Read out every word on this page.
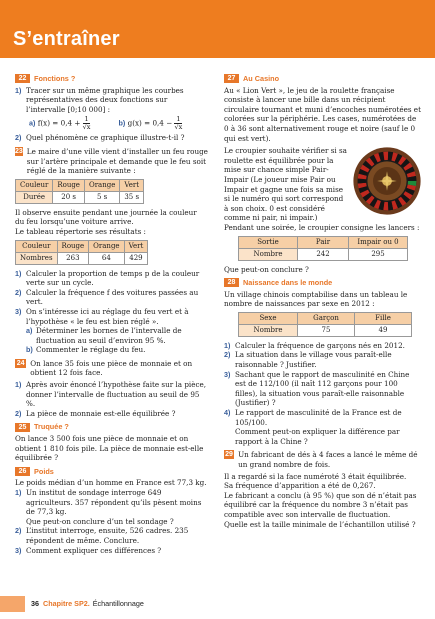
S’entraîner
22	Fonctions ?
1) Tracer sur un même graphique les courbes représentatives des deux fonctions sur l’intervalle [0;10 000] :
a) $f(x) = 0,4 + \frac{1}{√x}$	b) $g(x) = 0,4 - \frac{1}{√x}$
2) Quel phénomène ce graphique illustre-t-il ?
23 Le maire d’une ville vient d’installer un feu rouge sur l’artère principale et demande que le feu soit réglé de la manière suivante :
Couleur	Rouge	Orange	Vert
Durée	20 s	5 s	35 s
Il observe ensuite pendant une journée la couleur du feu lorsqu’une voiture arrive.
Le tableau répertorie ses résultats :
Couleur	Rouge	Orange	Vert
Nombres	263	64	429
1) Calculer la proportion de temps p de la couleur verte sur un cycle.
2) Calculer la fréquence f des voitures passées au vert.
3) On s’intéresse ici au réglage du feu vert et à l’hypothèse « le feu est bien réglé ».
a) Déterminer les bornes de l’intervalle de fluctuation au seuil d’environ 95 %.
b) Commenter le réglage du feu.
24 On lance 35 fois une pièce de monnaie et on obtient 12 fois face.
1) Après avoir énoncé l’hypothèse faite sur la pièce, donner l’intervalle de fluctuation au seuil de 95 %.
2) La pièce de monnaie est-elle équilibrée ?
25	Truquée ?
On lance 3 500 fois une pièce de monnaie et on obtient 1 810 fois pile. La pièce de monnaie est-elle équilibrée ?
26	Poids
Le poids médian d’un homme en France est 77,3 kg.
1) Un institut de sondage interroge 649 agriculteurs. 357 répondent qu’ils pèsent moins de 77,3 kg.
Que peut-on conclure d’un tel sondage ?
2) L’institut interroge, ensuite, 526 cadres. 235 répondent de même. Conclure.
3) Comment expliquer ces différences ?
27	Au Casino
Au « Lion Vert », le jeu de la roulette française consiste à lancer une bille dans un récipient circulaire tournant et muni d’encoches numérotées et colorées sur la périphérie. Les cases, numérotées de 0 à 36 sont alternativement rouge et noire (sauf le 0 qui est vert).
Le croupier souhaite vérifier si sa roulette est équilibrée pour la mise sur chance simple Pair-Impair (Le joueur mise Pair ou Impair et gagne une fois sa mise si le numéro qui sort correspond à son choix. 0 est considéré comme ni pair, ni impair.)
Pendant une soirée, le croupier consigne les lancers :
Sortie	Pair	Impair ou 0
Nombre	242	295
Que peut-on conclure ?
28	Naissance dans le monde
Un village chinois comptabilise dans un tableau le nombre de naissances par sexe en 2012 :
Sexe	Garçon	Fille
Nombre	75	49
1) Calculer la fréquence de garçons nés en 2012.
2) La situation dans le village vous paraît-elle raisonnable ? Justifier.
3) Sachant que le rapport de masculinité en Chine est de 112/100 (il naît 112 garçons pour 100 filles), la situation vous paraît-elle raisonnable (Justifier) ?
4) Le rapport de masculinité de la France est de 105/100.
Comment peut-on expliquer la différence par rapport à la Chine ?
29 Un fabricant de dés à 4 faces a lancé le même dé un grand nombre de fois.
Il a regardé si la face numéroté 3 était équilibrée.
Sa fréquence d’apparition a été de 0,267.
Le fabricant a conclu (à 95 %) que son dé n’était pas équilibré car la fréquence du nombre 3 n’était pas compatible avec son intervalle de fluctuation.
Quelle est la taille minimale de l’échantillon utilisé ?
36 Chapitre SP2. Échantillonnage
